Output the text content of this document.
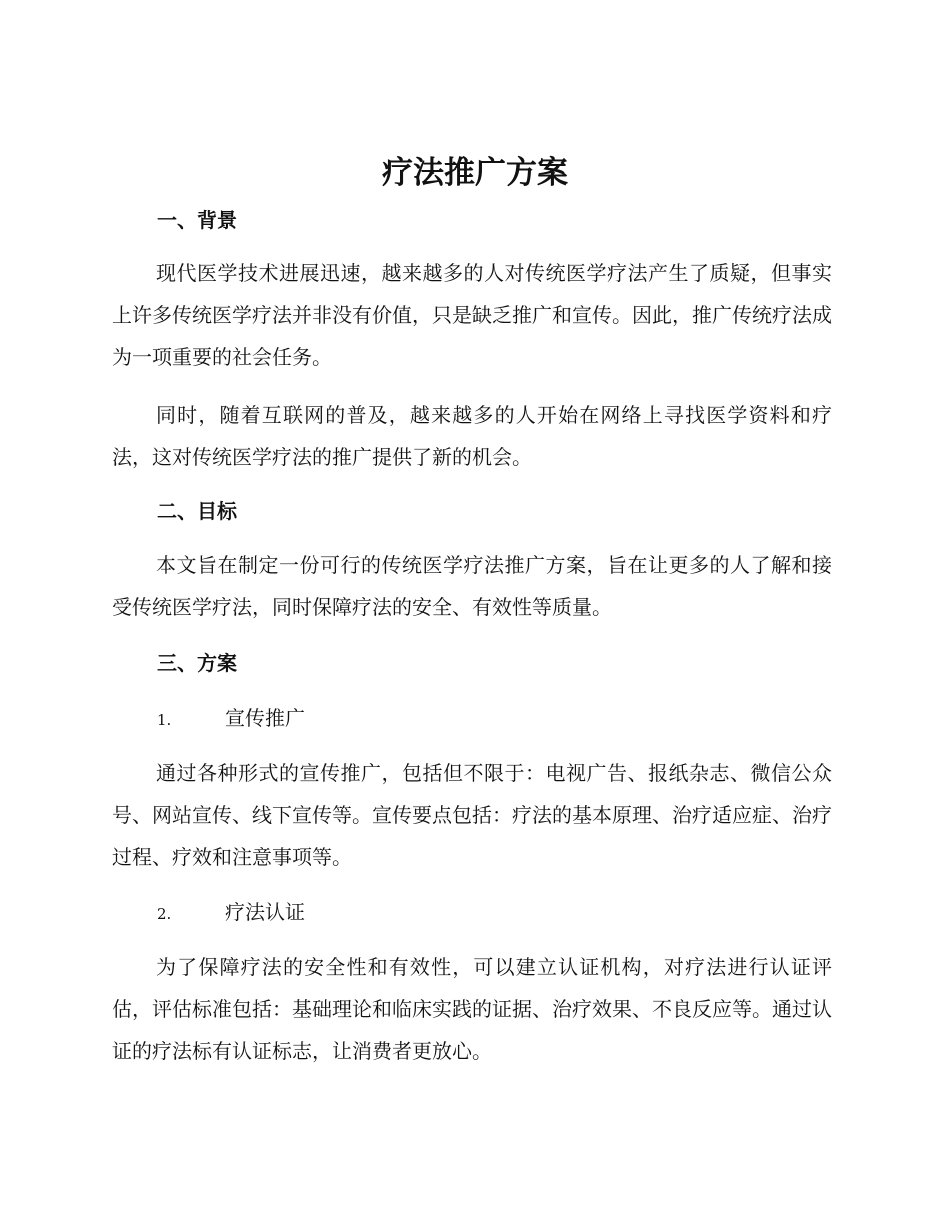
疗法推广方案
一、背景

现代医学技术进展迅速，越来越多的人对传统医学疗法产生了质疑，但事实上许多传统医学疗法并非没有价值，只是缺乏推广和宣传。因此，推广传统疗法成为一项重要的社会任务。

同时，随着互联网的普及，越来越多的人开始在网络上寻找医学资料和疗法，这对传统医学疗法的推广提供了新的机会。

二、目标

本文旨在制定一份可行的传统医学疗法推广方案，旨在让更多的人了解和接受传统医学疗法，同时保障疗法的安全、有效性等质量。

三、方案
1.	宣传推广

通过各种形式的宣传推广，包括但不限于：电视广告、报纸杂志、微信公众号、网站宣传、线下宣传等。宣传要点包括：疗法的基本原理、治疗适应症、治疗过程、疗效和注意事项等。

2.	疗法认证

为了保障疗法的安全性和有效性，可以建立认证机构，对疗法进行认证评估，评估标准包括：基础理论和临床实践的证据、治疗效果、不良反应等。通过认证的疗法标有认证标志，让消费者更放心。
